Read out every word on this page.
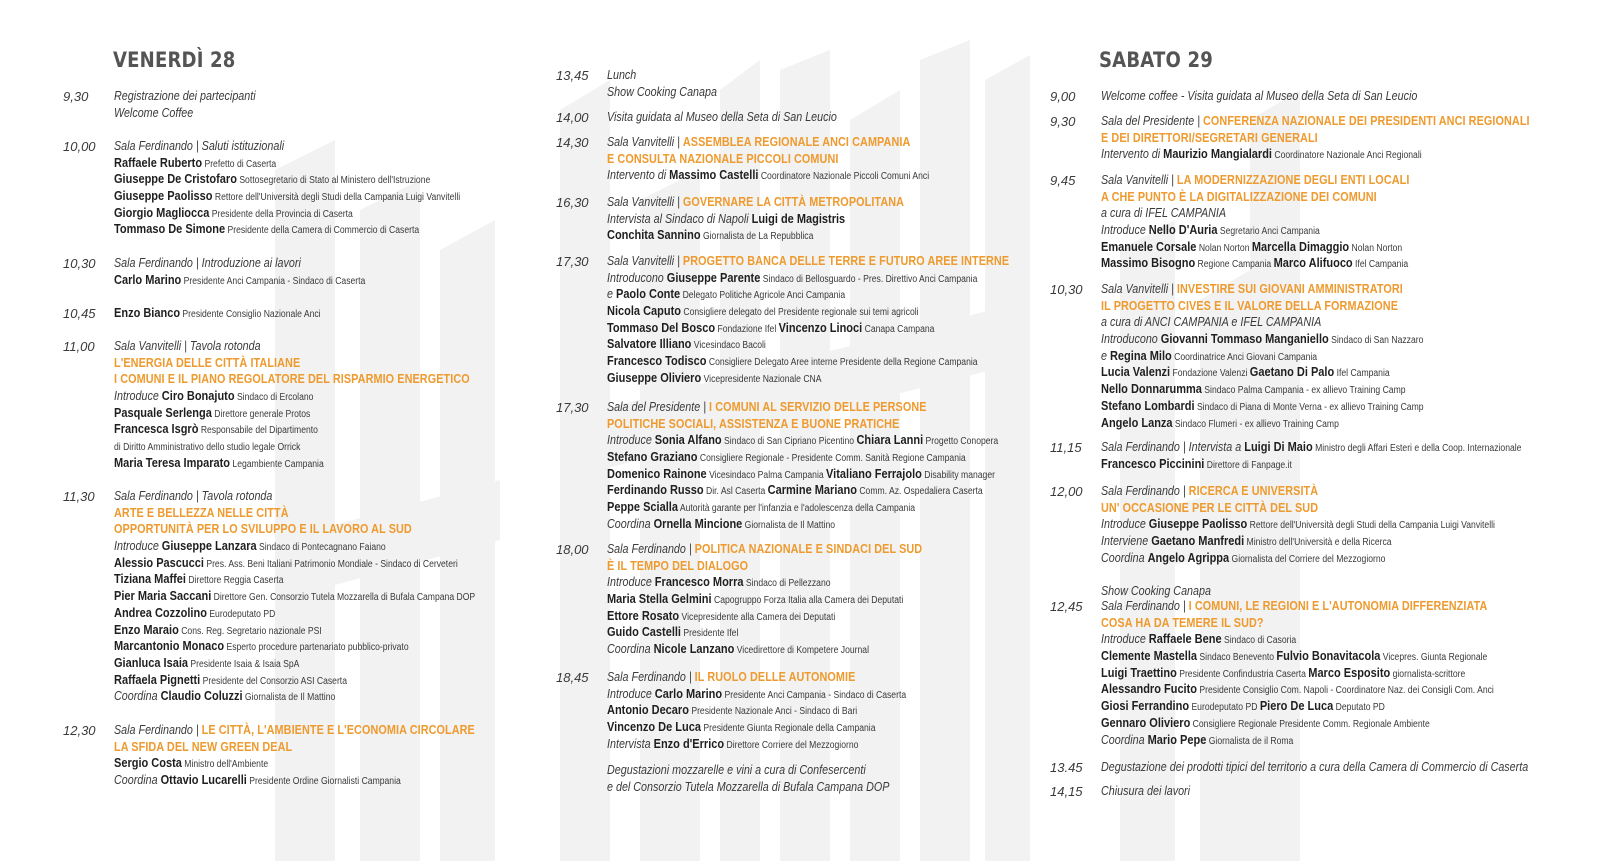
VENERDÌ 28	SABATO 29
9,30 Registrazione dei partecipanti
Welcome Coffee
10,00 Sala Ferdinando | Saluti istituzionali
Raffaele Ruberto Prefetto di Caserta
Giuseppe De Cristofaro Sottosegretario di Stato al Ministero dell'Istruzione
Giuseppe Paolisso Rettore dell'Università degli Studi della Campania Luigi Vanvitelli
Giorgio Magliocca Presidente della Provincia di Caserta
Tommaso De Simone Presidente della Camera di Commercio di Caserta
10,30 Sala Ferdinando | Introduzione ai lavori
Carlo Marino Presidente Anci Campania - Sindaco di Caserta
10,45 Enzo Bianco Presidente Consiglio Nazionale Anci
11,00 Sala Vanvitelli | Tavola rotonda
L'ENERGIA DELLE CITTÀ ITALIANE
I COMUNI E IL PIANO REGOLATORE DEL RISPARMIO ENERGETICO
Introduce Ciro Bonajuto Sindaco di Ercolano
Pasquale Serlenga Direttore generale Protos
Francesca Isgrò Responsabile del Dipartimento
di Diritto Amministrativo dello studio legale Orrick
Maria Teresa Imparato Legambiente Campania
11,30 Sala Ferdinando | Tavola rotonda
ARTE E BELLEZZA NELLE CITTÀ
OPPORTUNITÀ PER LO SVILUPPO E IL LAVORO AL SUD
Introduce Giuseppe Lanzara Sindaco di Pontecagnano Faiano
Alessio Pascucci Pres. Ass. Beni Italiani Patrimonio Mondiale - Sindaco di Cerveteri
Tiziana Maffei Direttore Reggia Caserta
Pier Maria Saccani Direttore Gen. Consorzio Tutela Mozzarella di Bufala Campana DOP
Andrea Cozzolino Eurodeputato PD
Enzo Maraio Cons. Reg. Segretario nazionale PSI
Marcantonio Monaco Esperto procedure partenariato pubblico-privato
Gianluca Isaia Presidente Isaia & Isaia SpA
Raffaela Pignetti Presidente del Consorzio ASI Caserta
Coordina Claudio Coluzzi Giornalista de Il Mattino
12,30 Sala Ferdinando | LE CITTÀ, L'AMBIENTE E L'ECONOMIA CIRCOLARE
LA SFIDA DEL NEW GREEN DEAL
Sergio Costa Ministro dell'Ambiente
Coordina Ottavio Lucarelli Presidente Ordine Giornalisti Campania
13,45 Lunch
Show Cooking Canapa
14,00 Visita guidata al Museo della Seta di San Leucio
14,30 Sala Vanvitelli | ASSEMBLEA REGIONALE ANCI CAMPANIA
E CONSULTA NAZIONALE PICCOLI COMUNI
Intervento di Massimo Castelli Coordinatore Nazionale Piccoli Comuni Anci
16,30 Sala Vanvitelli | GOVERNARE LA CITTÀ METROPOLITANA
Intervista al Sindaco di Napoli Luigi de Magistris
Conchita Sannino Giornalista de La Repubblica
17,30 Sala Vanvitelli | PROGETTO BANCA DELLE TERRE E FUTURO AREE INTERNE
Introducono Giuseppe Parente Sindaco di Bellosguardo - Pres. Direttivo Anci Campania
e Paolo Conte Delegato Politiche Agricole Anci Campania
Nicola Caputo Consigliere delegato del Presidente regionale sui temi agricoli
Tommaso Del Bosco Fondazione Ifel Vincenzo Linoci Canapa Campana
Salvatore Illiano Vicesindaco Bacoli
Francesco Todisco Consigliere Delegato Aree interne Presidente della Regione Campania
Giuseppe Oliviero Vicepresidente Nazionale CNA
17,30 Sala del Presidente | I COMUNI AL SERVIZIO DELLE PERSONE
POLITICHE SOCIALI, ASSISTENZA E BUONE PRATICHE
Introduce Sonia Alfano Sindaco di San Cipriano Picentino Chiara Lanni Progetto Conopera
Stefano Graziano Consigliere Regionale - Presidente Comm. Sanità Regione Campania
Domenico Rainone Vicesindaco Palma Campania Vitaliano Ferrajolo Disability manager
Ferdinando Russo Dir. Asl Caserta Carmine Mariano Comm. Az. Ospedaliera Caserta
Peppe Scialla Autorità garante per l'infanzia e l'adolescenza della Campania
Coordina Ornella Mincione Giornalista de Il Mattino
18,00 Sala Ferdinando | POLITICA NAZIONALE E SINDACI DEL SUD
È IL TEMPO DEL DIALOGO
Introduce Francesco Morra Sindaco di Pellezzano
Maria Stella Gelmini Capogruppo Forza Italia alla Camera dei Deputati
Ettore Rosato Vicepresidente alla Camera dei Deputati
Guido Castelli Presidente Ifel
Coordina Nicole Lanzano Vicedirettore di Kompetere Journal
18,45 Sala Ferdinando | IL RUOLO DELLE AUTONOMIE
Introduce Carlo Marino Presidente Anci Campania - Sindaco di Caserta
Antonio Decaro Presidente Nazionale Anci - Sindaco di Bari
Vincenzo De Luca Presidente Giunta Regionale della Campania
Intervista Enzo d'Errico Direttore Corriere del Mezzogiorno
Degustazioni mozzarelle e vini a cura di Confesercenti
e del Consorzio Tutela Mozzarella di Bufala Campana DOP
9,00 Welcome coffee - Visita guidata al Museo della Seta di San Leucio
9,30 Sala del Presidente | CONFERENZA NAZIONALE DEI PRESIDENTI ANCI REGIONALI
E DEI DIRETTORI/SEGRETARI GENERALI
Intervento di Maurizio Mangialardi Coordinatore Nazionale Anci Regionali
9,45 Sala Vanvitelli | LA MODERNIZZAZIONE DEGLI ENTI LOCALI
A CHE PUNTO È LA DIGITALIZZAZIONE DEI COMUNI
a cura di IFEL CAMPANIA
Introduce Nello D'Auria Segretario Anci Campania
Emanuele Corsale Nolan Norton Marcella Dimaggio Nolan Norton
Massimo Bisogno Regione Campania Marco Alifuoco Ifel Campania
10,30 Sala Vanvitelli | INVESTIRE SUI GIOVANI AMMINISTRATORI
IL PROGETTO CIVES E IL VALORE DELLA FORMAZIONE
a cura di ANCI CAMPANIA e IFEL CAMPANIA
Introducono Giovanni Tommaso Manganiello Sindaco di San Nazzaro
e Regina Milo Coordinatrice Anci Giovani Campania
Lucia Valenzi Fondazione Valenzi Gaetano Di Palo Ifel Campania
Nello Donnarumma Sindaco Palma Campania - ex allievo Training Camp
Stefano Lombardi Sindaco di Piana di Monte Verna - ex allievo Training Camp
Angelo Lanza Sindaco Flumeri - ex allievo Training Camp
11,15 Sala Ferdinando | Intervista a Luigi Di Maio Ministro degli Affari Esteri e della Coop. Internazionale
Francesco Piccinini Direttore di Fanpage.it
12,00 Sala Ferdinando | RICERCA E UNIVERSITÀ
UN' OCCASIONE PER LE CITTÀ DEL SUD
Introduce Giuseppe Paolisso Rettore dell'Università degli Studi della Campania Luigi Vanvitelli
Interviene Gaetano Manfredi Ministro dell'Università e della Ricerca
Coordina Angelo Agrippa Giornalista del Corriere del Mezzogiorno
Show Cooking Canapa
12,45 Sala Ferdinando | I COMUNI, LE REGIONI E L'AUTONOMIA DIFFERENZIATA
COSA HA DA TEMERE IL SUD?
Introduce Raffaele Bene Sindaco di Casoria
Clemente Mastella Sindaco Benevento Fulvio Bonavitacola Vicepres. Giunta Regionale
Luigi Traettino Presidente Confindustria Caserta Marco Esposito giornalista-scrittore
Alessandro Fucito Presidente Consiglio Com. Napoli - Coordinatore Naz. dei Consigli Com. Anci
Giosi Ferrandino Eurodeputato PD Piero De Luca Deputato PD
Gennaro Oliviero Consigliere Regionale Presidente Comm. Regionale Ambiente
Coordina Mario Pepe Giornalista de il Roma
13.45 Degustazione dei prodotti tipici del territorio a cura della Camera di Commercio di Caserta
14,15 Chiusura dei lavori
